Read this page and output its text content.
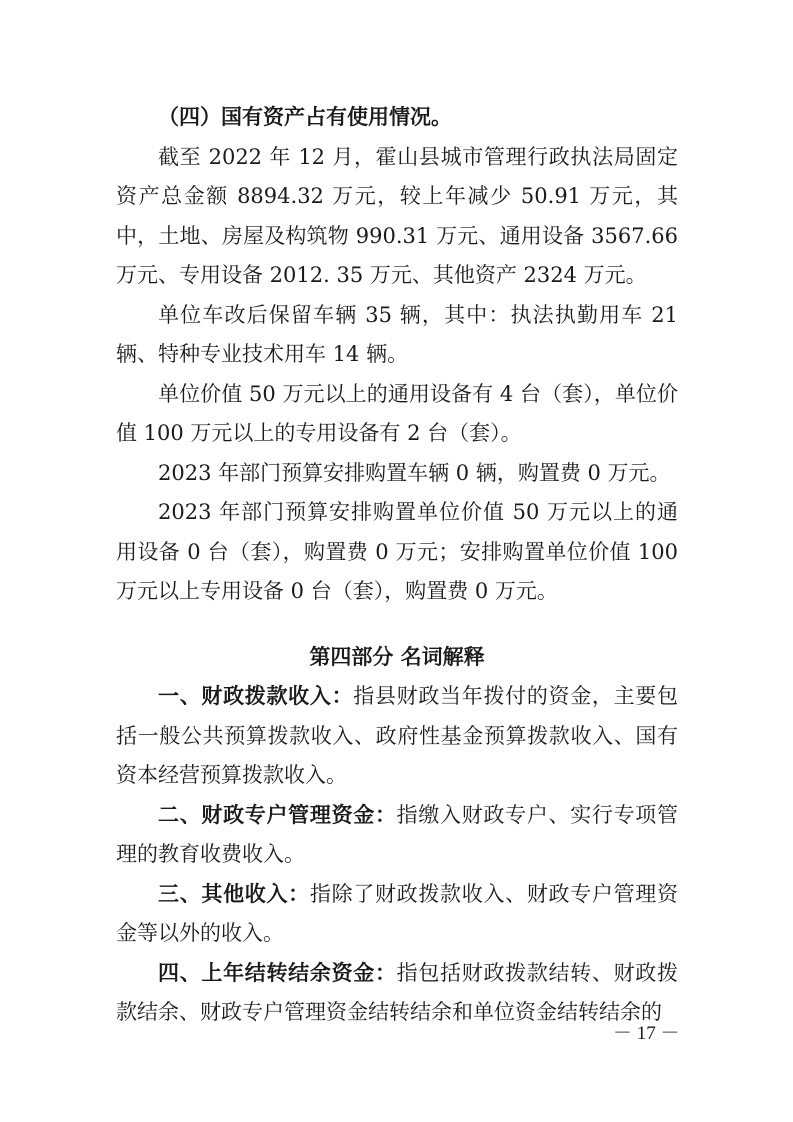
（四）国有资产占有使用情况。

截至 2022 年 12 月，霍山县城市管理行政执法局固定资产总金额 8894.32 万元，较上年减少 50.91 万元，其中，土地、房屋及构筑物 990.31 万元、通用设备 3567.66 万元、专用设备 2012. 35 万元、其他资产 2324 万元。

单位车改后保留车辆 35 辆，其中：执法执勤用车 21 辆、特种专业技术用车 14 辆。

单位价值 50 万元以上的通用设备有 4 台（套），单位价值 100 万元以上的专用设备有 2 台（套）。

2023 年部门预算安排购置车辆 0 辆，购置费 0 万元。

2023 年部门预算安排购置单位价值 50 万元以上的通用设备 0 台（套），购置费 0 万元；安排购置单位价值 100 万元以上专用设备 0 台（套），购置费 0 万元。

第四部分 名词解释

一、财政拨款收入：指县财政当年拨付的资金，主要包括一般公共预算拨款收入、政府性基金预算拨款收入、国有资本经营预算拨款收入。

二、财政专户管理资金：指缴入财政专户、实行专项管理的教育收费收入。

三、其他收入：指除了财政拨款收入、财政专户管理资金等以外的收入。

四、上年结转结余资金：指包括财政拨款结转、财政拨款结余、财政专户管理资金结转结余和单位资金结转结余的

－ 17 －
